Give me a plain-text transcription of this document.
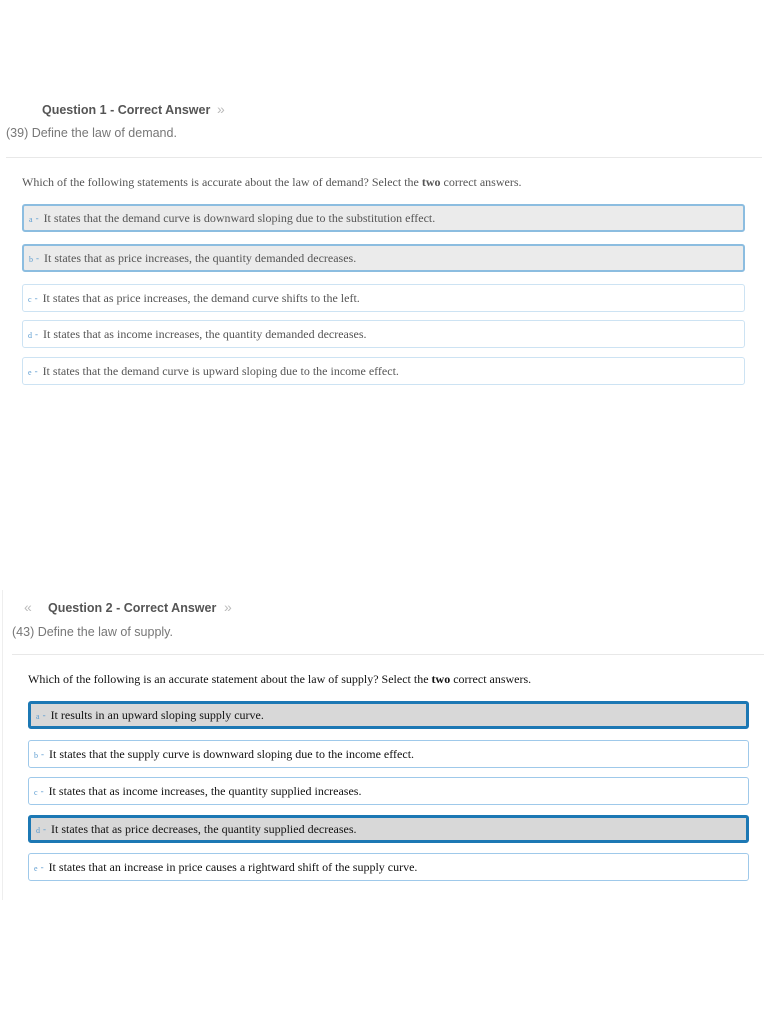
Question 1 - Correct Answer »
(39) Define the law of demand.
Which of the following statements is accurate about the law of demand? Select the two correct answers.
a - It states that the demand curve is downward sloping due to the substitution effect.
b - It states that as price increases, the quantity demanded decreases.
c - It states that as price increases, the demand curve shifts to the left.
d - It states that as income increases, the quantity demanded decreases.
e - It states that the demand curve is upward sloping due to the income effect.
« Question 2 - Correct Answer »
(43) Define the law of supply.
Which of the following is an accurate statement about the law of supply? Select the two correct answers.
a - It results in an upward sloping supply curve.
b - It states that the supply curve is downward sloping due to the income effect.
c - It states that as income increases, the quantity supplied increases.
d - It states that as price decreases, the quantity supplied decreases.
e - It states that an increase in price causes a rightward shift of the supply curve.
